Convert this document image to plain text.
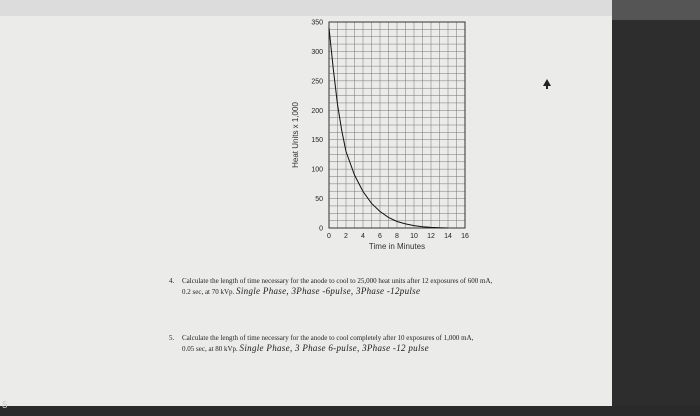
0
50
100
150
200
250
300
350
0 2 4 6 8 10 12 14 16
Heat Units x 1,000
Time in Minutes
4. Calculate the length of time necessary for the anode to cool to 25,000 heat units after 12 exposures of 600 mA,
0.2 sec, at 70 kVp. Single Phase, 3Phase -6pulse, 3Phase -12pulse
5. Calculate the length of time necessary for the anode to cool completely after 10 exposures of 1,000 mA,
0.05 sec, at 80 kVp. Single Phase, 3 Phase 6-pulse, 3Phase -12 pulse
5
